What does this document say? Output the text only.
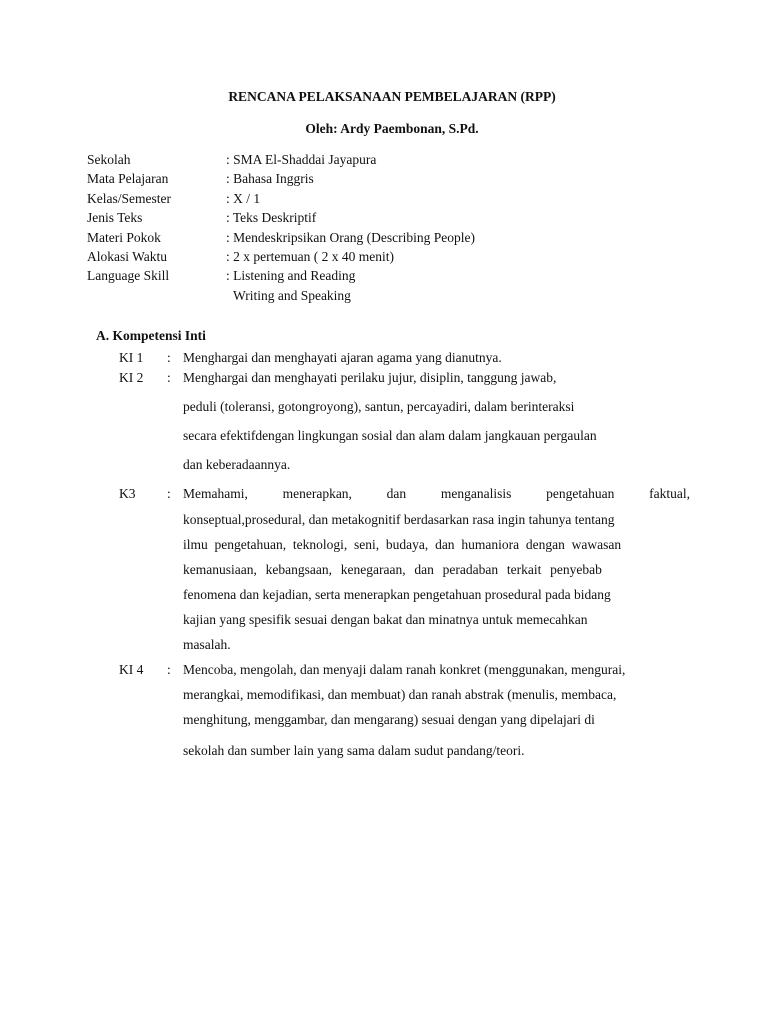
RENCANA PELAKSANAAN PEMBELAJARAN (RPP)
Oleh: Ardy Paembonan, S.Pd.
Sekolah	: SMA El-Shaddai Jayapura
Mata Pelajaran	: Bahasa Inggris
Kelas/Semester	: X / 1
Jenis Teks	: Teks Deskriptif
Materi Pokok	: Mendeskripsikan Orang (Describing People)
Alokasi Waktu	: 2 x pertemuan ( 2 x 40 menit)
Language Skill	: Listening and Reading
Writing and Speaking
A. Kompetensi Inti
KI 1 : Menghargai dan menghayati ajaran agama yang dianutnya.
KI 2 : Menghargai dan menghayati perilaku jujur, disiplin, tanggung jawab,
peduli (toleransi, gotongroyong), santun, percayadiri, dalam berinteraksi
secara efektifdengan lingkungan sosial dan alam dalam jangkauan pergaulan
dan keberadaannya.
K3 : Memahami,	menerapkan,	dan	menganalisis	pengetahuan	faktual,
konseptual,prosedural, dan metakognitif berdasarkan rasa ingin tahunya tentang
ilmu pengetahuan, teknologi, seni, budaya, dan humaniora dengan wawasan
kemanusiaan, kebangsaan, kenegaraan, dan peradaban terkait penyebab
fenomena dan kejadian, serta menerapkan pengetahuan prosedural pada bidang
kajian yang spesifik sesuai dengan bakat dan minatnya untuk memecahkan
masalah.
KI 4 : Mencoba, mengolah, dan menyaji dalam ranah konkret (menggunakan, mengurai,
merangkai, memodifikasi, dan membuat) dan ranah abstrak (menulis, membaca,
menghitung, menggambar, dan mengarang) sesuai dengan yang dipelajari di
sekolah dan sumber lain yang sama dalam sudut pandang/teori.
